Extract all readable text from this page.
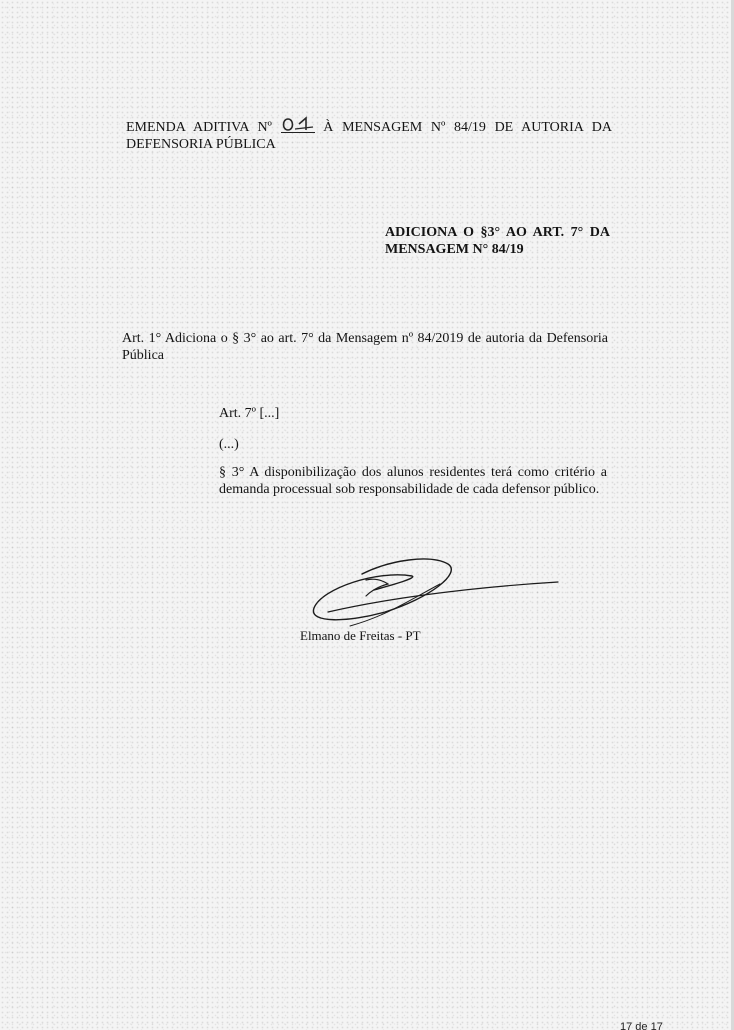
EMENDA ADITIVA Nº	À MENSAGEM Nº 84/19 DE AUTORIA DA
DEFENSORIA PÚBLICA
ADICIONA O §3° AO ART. 7° DA
MENSAGEM N° 84/19
Art. 1° Adiciona o § 3° ao art. 7° da Mensagem nº 84/2019 de autoria da Defensoria
Pública

Art. 7º [...]

(...)

§ 3° A disponibilização dos alunos residentes terá como critério a
demanda processual sob responsabilidade de cada defensor público.

Elmano de Freitas - PT

17 de 17
